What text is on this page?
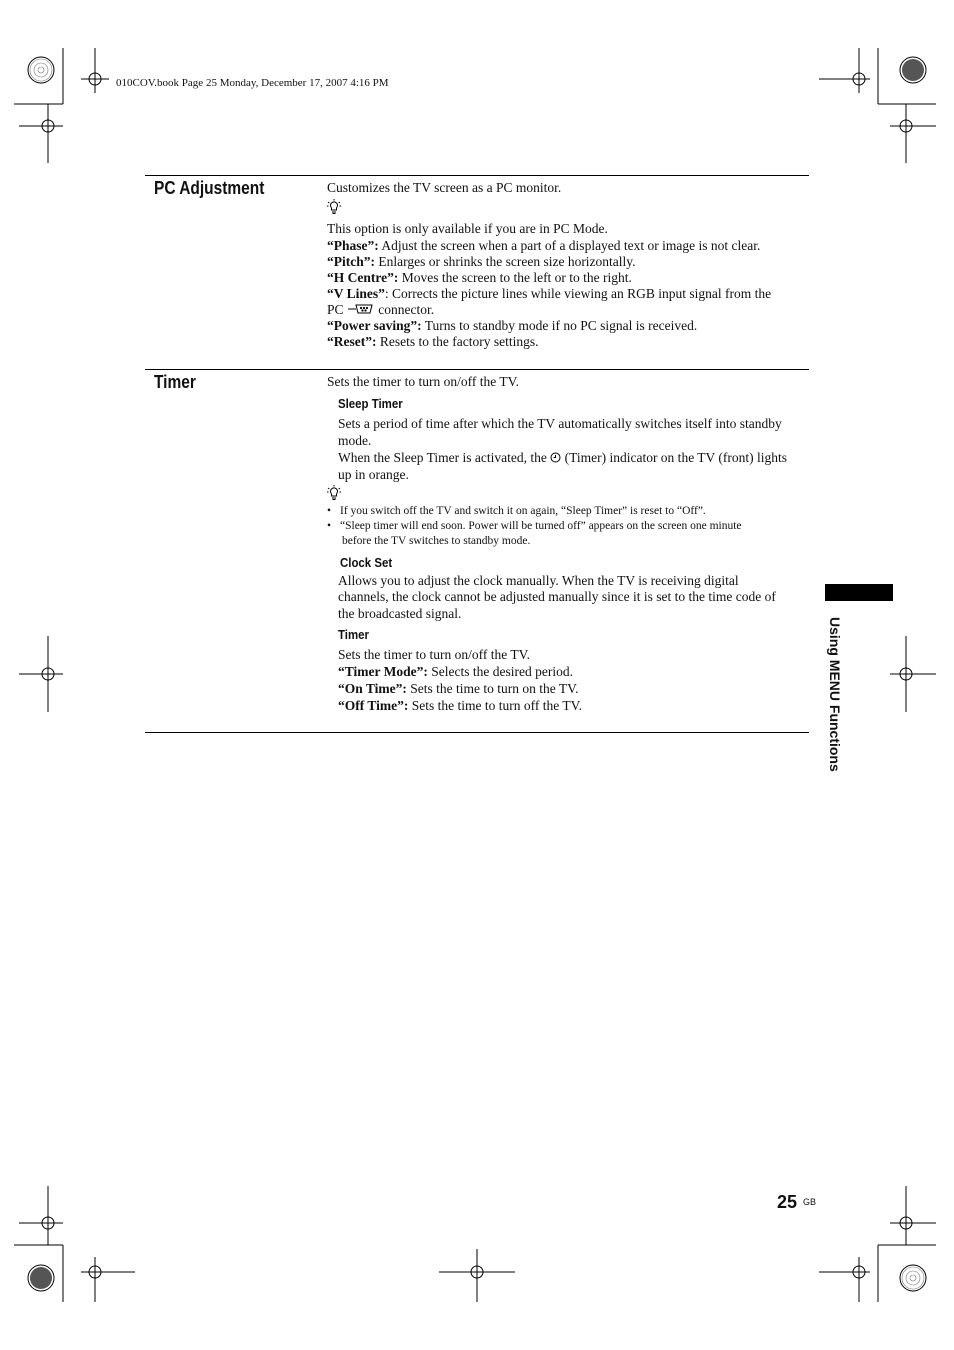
010COV.book Page 25 Monday, December 17, 2007 4:16 PM
PC Adjustment	Customizes the TV screen as a PC monitor.
This option is only available if you are in PC Mode.
“Phase”: Adjust the screen when a part of a displayed text or image is not clear.
“Pitch”: Enlarges or shrinks the screen size horizontally.
“H Centre”: Moves the screen to the left or to the right.
“V Lines”: Corrects the picture lines while viewing an RGB input signal from the
PC  connector.
“Power saving”: Turns to standby mode if no PC signal is received.
“Reset”: Resets to the factory settings.
Timer	Sets the timer to turn on/off the TV.
Sleep Timer
Sets a period of time after which the TV automatically switches itself into standby
mode.
When the Sleep Timer is activated, the (Timer) indicator on the TV (front) lights
up in orange.
• If you switch off the TV and switch it on again, “Sleep Timer” is reset to “Off”.
• “Sleep timer will end soon. Power will be turned off” appears on the screen one minute
before the TV switches to standby mode.
Clock Set
Allows you to adjust the clock manually. When the TV is receiving digital
channels, the clock cannot be adjusted manually since it is set to the time code of
the broadcasted signal.
Timer
Sets the timer to turn on/off the TV.
“Timer Mode”: Selects the desired period.
“On Time”: Sets the time to turn on the TV.
“Off Time”: Sets the time to turn off the TV.	Using MENU Functions
25 GB
